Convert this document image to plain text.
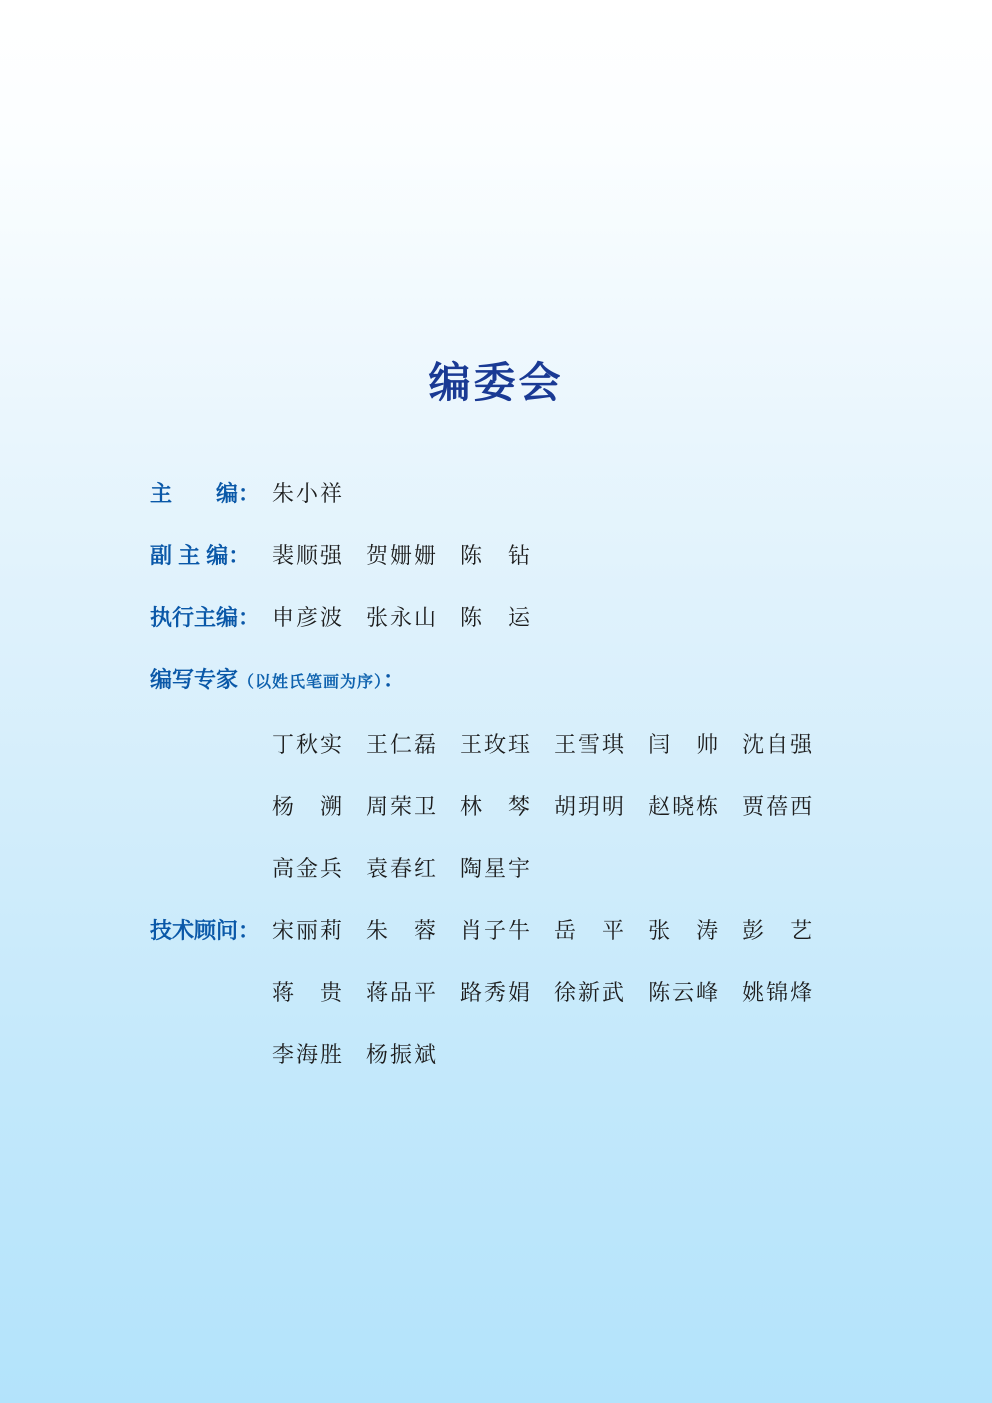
编委会
主　　编： 朱小祥
副 主 编： 裴顺强 贺姗姗 陈　钻
执行主编： 申彦波 张永山 陈　运
编写专家（以姓氏笔画为序）：
丁秋实 王仁磊 王玫珏 王雪琪 闫　帅 沈自强
杨　溯 周荣卫 林　棽 胡玥明 赵晓栋 贾蓓西
高金兵 袁春红 陶星宇
技术顾问： 宋丽莉 朱　蓉 肖子牛 岳　平 张　涛 彭　艺
蒋　贵 蒋品平 路秀娟 徐新武 陈云峰 姚锦烽
李海胜 杨振斌
